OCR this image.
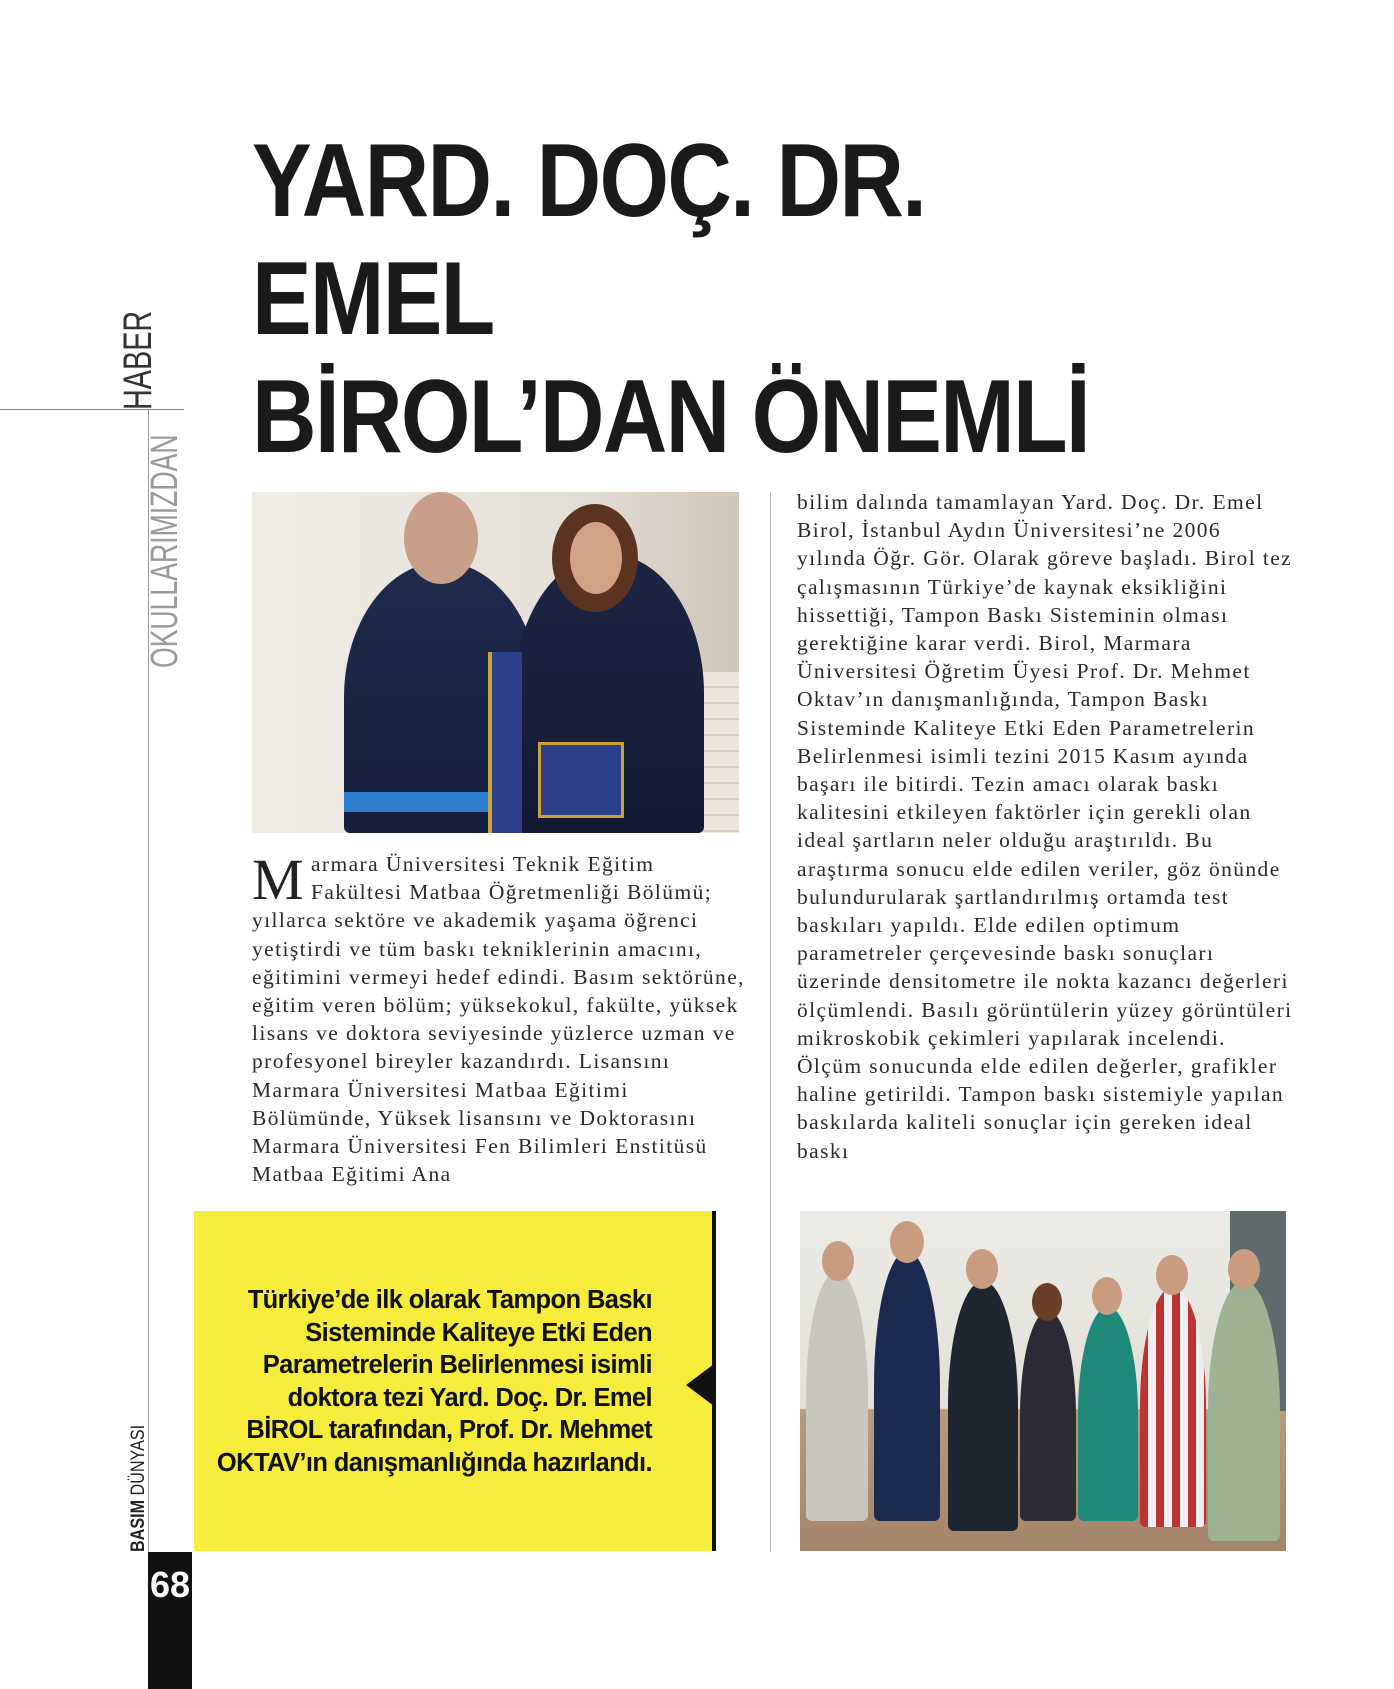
HABER
OKULLARIMIZDAN
BASIM DÜNYASI
68
YARD. DOÇ. DR. EMEL
BİROL’DAN ÖNEMLİ

Marmara Üniversitesi Teknik Eğitim Fakültesi Matbaa Öğretmenliği Bölümü; yıllarca sektöre ve akademik yaşama öğrenci yetiştirdi ve tüm baskı tekniklerinin amacını, eğitimini vermeyi hedef edindi. Basım sektörüne, eğitim veren bölüm; yüksekokul, fakülte, yüksek lisans ve doktora seviyesinde yüzlerce uzman ve profesyonel bireyler kazandırdı. Lisansını Marmara Üniversitesi Matbaa Eğitimi Bölümünde, Yüksek lisansını ve Doktorasını Marmara Üniversitesi Fen Bilimleri Enstitüsü Matbaa Eğitimi Ana
bilim dalında tamamlayan Yard. Doç. Dr. Emel Birol, İstanbul Aydın Üniversitesi’ne 2006 yılında Öğr. Gör. Olarak göreve başladı. Birol tez çalışmasının Türkiye’de kaynak eksikliğini hissettiği, Tampon Baskı Sisteminin olması gerektiğine karar verdi. Birol, Marmara Üniversitesi Öğretim Üyesi Prof. Dr. Mehmet Oktav’ın danışmanlığında, Tampon Baskı Sisteminde Kaliteye Etki Eden Parametrelerin Belirlenmesi isimli tezini 2015 Kasım ayında başarı ile bitirdi. Tezin amacı olarak baskı kalitesini etkileyen faktörler için gerekli olan ideal şartların neler olduğu araştırıldı. Bu araştırma sonucu elde edilen veriler, göz önünde bulundurularak şartlandırılmış ortamda test baskıları yapıldı. Elde edilen optimum parametreler çerçevesinde baskı sonuçları üzerinde densitometre ile nokta kazancı değerleri ölçümlendi. Basılı görüntülerin yüzey görüntüleri mikroskobik çekimleri yapılarak incelendi. Ölçüm sonucunda elde edilen değerler, grafikler haline getirildi. Tampon baskı sistemiyle yapılan baskılarda kaliteli sonuçlar için gereken ideal baskı
Türkiye’de ilk olarak Tampon Baskı Sisteminde Kaliteye Etki Eden Parametrelerin Belirlenmesi isimli doktora tezi Yard. Doç. Dr. Emel BİROL tarafından, Prof. Dr. Mehmet OKTAV’ın danışmanlığında hazırlandı.
